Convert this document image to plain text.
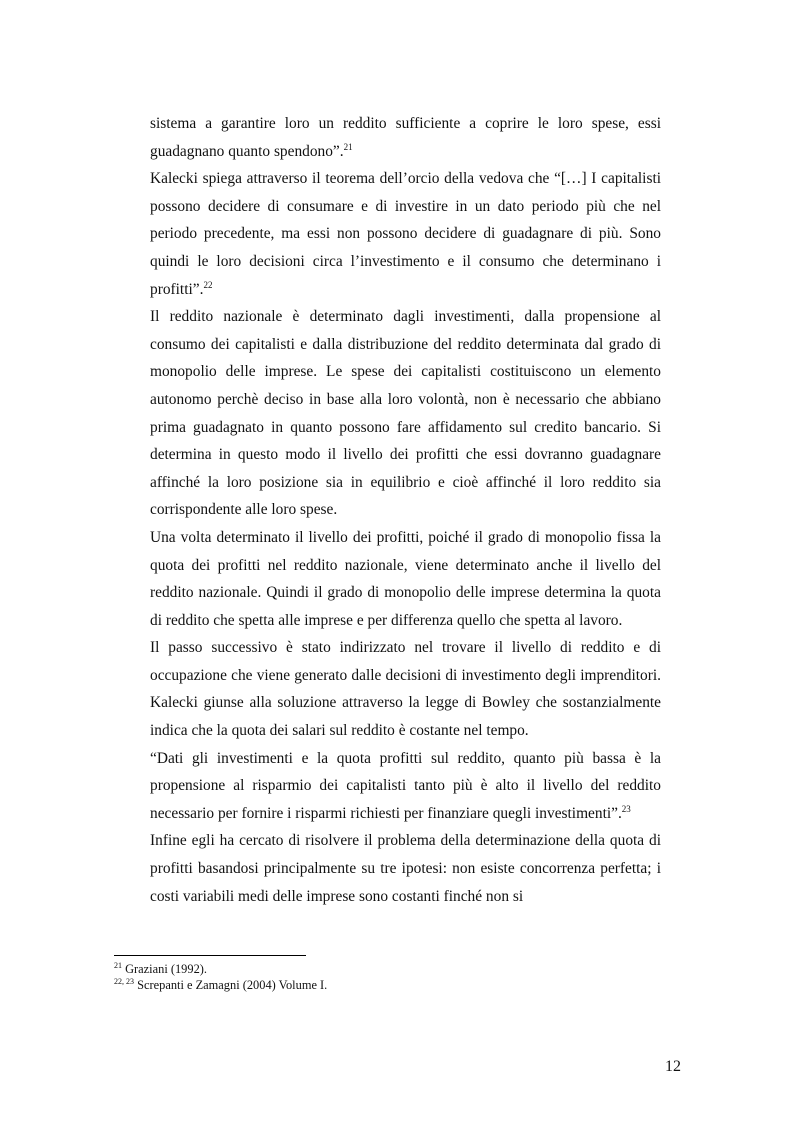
sistema a garantire loro un reddito sufficiente a coprire le loro spese, essi guadagnano quanto spendono”.$^{21}$

Kalecki spiega attraverso il teorema dell’orcio della vedova che “[…] I capitalisti possono decidere di consumare e di investire in un dato periodo più che nel periodo precedente, ma essi non possono decidere di guadagnare di più. Sono quindi le loro decisioni circa l’investimento e il consumo che determinano i profitti”.$^{22}$

Il reddito nazionale è determinato dagli investimenti, dalla propensione al consumo dei capitalisti e dalla distribuzione del reddito determinata dal grado di monopolio delle imprese. Le spese dei capitalisti costituiscono un elemento autonomo perchè deciso in base alla loro volontà, non è necessario che abbiano prima guadagnato in quanto possono fare affidamento sul credito bancario. Si determina in questo modo il livello dei profitti che essi dovranno guadagnare affinché la loro posizione sia in equilibrio e cioè affinché il loro reddito sia corrispondente alle loro spese.

Una volta determinato il livello dei profitti, poiché il grado di monopolio fissa la quota dei profitti nel reddito nazionale, viene determinato anche il livello del reddito nazionale. Quindi il grado di monopolio delle imprese determina la quota di reddito che spetta alle imprese e per differenza quello che spetta al lavoro.

Il passo successivo è stato indirizzato nel trovare il livello di reddito e di occupazione che viene generato dalle decisioni di investimento degli imprenditori. Kalecki giunse alla soluzione attraverso la legge di Bowley che sostanzialmente indica che la quota dei salari sul reddito è costante nel tempo.

“Dati gli investimenti e la quota profitti sul reddito, quanto più bassa è la propensione al risparmio dei capitalisti tanto più è alto il livello del reddito necessario per fornire i risparmi richiesti per finanziare quegli investimenti”.$^{23}$

Infine egli ha cercato di risolvere il problema della determinazione della quota di profitti basandosi principalmente su tre ipotesi: non esiste concorrenza perfetta; i costi variabili medi delle imprese sono costanti finché non si

$^{21}$ Graziani (1992).

$^{22, 23}$ Screpanti e Zamagni (2004) Volume I.

12
